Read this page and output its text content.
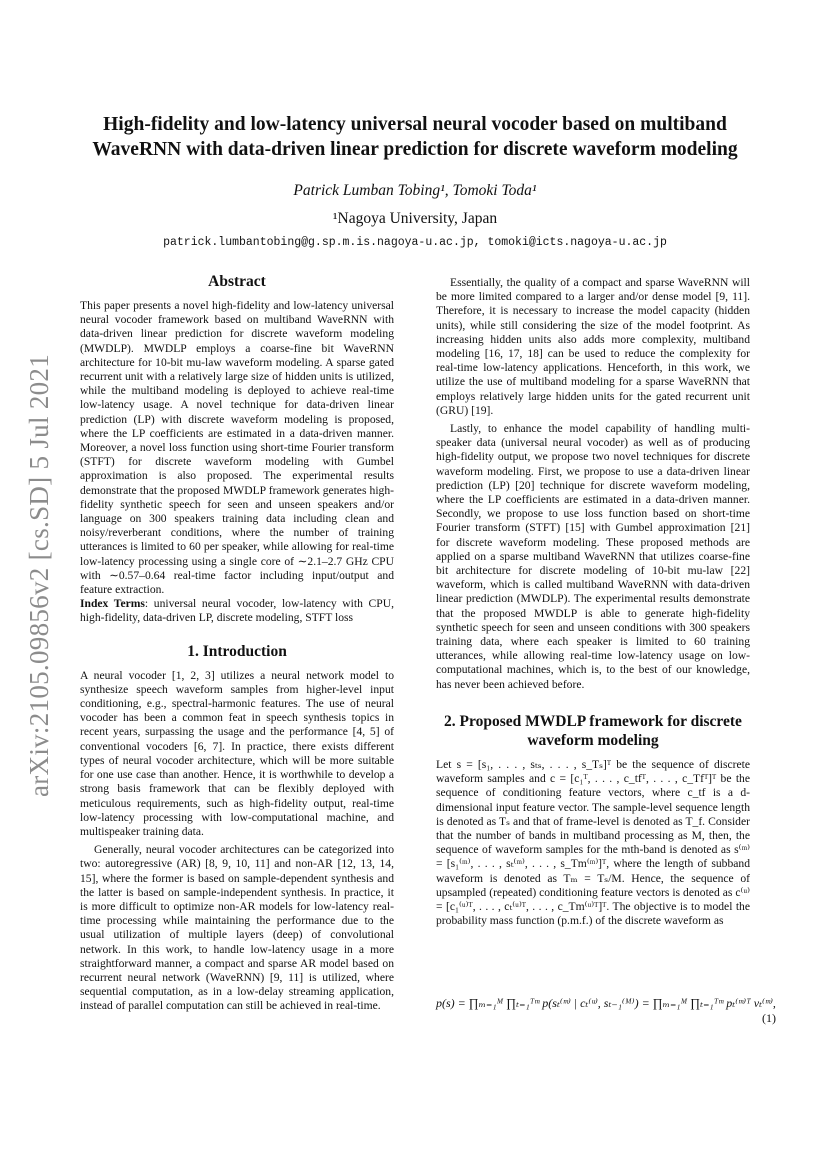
arXiv:2105.09856v2 [cs.SD] 5 Jul 2021
High-fidelity and low-latency universal neural vocoder based on multiband WaveRNN with data-driven linear prediction for discrete waveform modeling
Patrick Lumban Tobing¹, Tomoki Toda¹
¹Nagoya University, Japan
patrick.lumbantobing@g.sp.m.is.nagoya-u.ac.jp, tomoki@icts.nagoya-u.ac.jp
Abstract

This paper presents a novel high-fidelity and low-latency universal neural vocoder framework based on multiband WaveRNN with data-driven linear prediction for discrete waveform modeling (MWDLP). MWDLP employs a coarse-fine bit WaveRNN architecture for 10-bit mu-law waveform modeling. A sparse gated recurrent unit with a relatively large size of hidden units is utilized, while the multiband modeling is deployed to achieve real-time low-latency usage. A novel technique for data-driven linear prediction (LP) with discrete waveform modeling is proposed, where the LP coefficients are estimated in a data-driven manner. Moreover, a novel loss function using short-time Fourier transform (STFT) for discrete waveform modeling with Gumbel approximation is also proposed. The experimental results demonstrate that the proposed MWDLP framework generates high-fidelity synthetic speech for seen and unseen speakers and/or language on 300 speakers training data including clean and noisy/reverberant conditions, where the number of training utterances is limited to 60 per speaker, while allowing for real-time low-latency processing using a single core of ∼2.1–2.7 GHz CPU with ∼0.57–0.64 real-time factor including input/output and feature extraction.

Index Terms: universal neural vocoder, low-latency with CPU, high-fidelity, data-driven LP, discrete modeling, STFT loss

1. Introduction

A neural vocoder [1, 2, 3] utilizes a neural network model to synthesize speech waveform samples from higher-level input conditioning, e.g., spectral-harmonic features. The use of neural vocoder has been a common feat in speech synthesis topics in recent years, surpassing the usage and the performance [4, 5] of conventional vocoders [6, 7]. In practice, there exists different types of neural vocoder architecture, which will be more suitable for one use case than another. Hence, it is worthwhile to develop a strong basis framework that can be flexibly deployed with meticulous requirements, such as high-fidelity output, real-time low-latency processing with low-computational machine, and multispeaker training data.

Generally, neural vocoder architectures can be categorized into two: autoregressive (AR) [8, 9, 10, 11] and non-AR [12, 13, 14, 15], where the former is based on sample-dependent synthesis and the latter is based on sample-independent synthesis. In practice, it is more difficult to optimize non-AR models for low-latency real-time processing while maintaining the performance due to the usual utilization of multiple layers (deep) of convolutional network. In this work, to handle low-latency usage in a more straightforward manner, a compact and sparse AR model based on recurrent neural network (WaveRNN) [9, 11] is utilized, where sequential computation, as in a low-delay streaming application, instead of parallel computation can still be achieved in real-time.

Essentially, the quality of a compact and sparse WaveRNN will be more limited compared to a larger and/or dense model [9, 11]. Therefore, it is necessary to increase the model capacity (hidden units), while still considering the size of the model footprint. As increasing hidden units also adds more complexity, multiband modeling [16, 17, 18] can be used to reduce the complexity for real-time low-latency applications. Henceforth, in this work, we utilize the use of multiband modeling for a sparse WaveRNN that employs relatively large hidden units for the gated recurrent unit (GRU) [19].

Lastly, to enhance the model capability of handling multi-speaker data (universal neural vocoder) as well as of producing high-fidelity output, we propose two novel techniques for discrete waveform modeling. First, we propose to use a data-driven linear prediction (LP) [20] technique for discrete waveform modeling, where the LP coefficients are estimated in a data-driven manner. Secondly, we propose to use loss function based on short-time Fourier transform (STFT) [15] with Gumbel approximation [21] for discrete waveform modeling. These proposed methods are applied on a sparse multiband WaveRNN that utilizes coarse-fine bit architecture for discrete modeling of 10-bit mu-law [22] waveform, which is called multiband WaveRNN with data-driven linear prediction (MWDLP). The experimental results demonstrate that the proposed MWDLP is able to generate high-fidelity synthetic speech for seen and unseen conditions with 300 speakers training data, where each speaker is limited to 60 training utterances, while allowing real-time low-latency usage on low-computational machines, which is, to the best of our knowledge, has never been achieved before.

2. Proposed MWDLP framework for discrete waveform modeling

Let s = [s₁, . . . , sₜₛ, . . . , s_Tₛ]ᵀ be the sequence of discrete waveform samples and c = [c₁ᵀ, . . . , c_tfᵀ, . . . , c_Tfᵀ]ᵀ be the sequence of conditioning feature vectors, where c_tf is a d-dimensional input feature vector. The sample-level sequence length is denoted as Tₛ and that of frame-level is denoted as T_f. Consider that the number of bands in multiband processing as M, then, the sequence of waveform samples for the mth-band is denoted as s⁽ᵐ⁾ = [s₁⁽ᵐ⁾, . . . , sₜ⁽ᵐ⁾, . . . , s_Tm⁽ᵐ⁾]ᵀ, where the length of subband waveform is denoted as Tₘ = Tₛ/M. Hence, the sequence of upsampled (repeated) conditioning feature vectors is denoted as c⁽ᵘ⁾ = [c₁⁽ᵘ⁾ᵀ, . . . , cₜ⁽ᵘ⁾ᵀ, . . . , c_Tm⁽ᵘ⁾ᵀ]ᵀ. The objective is to model the probability mass function (p.m.f.) of the discrete waveform as

p(s) = ∏ₘ₌₁ᴹ ∏ₜ₌₁ᵀᵐ p(sₜ⁽ᵐ⁾ | cₜ⁽ᵘ⁾, sₜ₋₁⁽ᴹ⁾) = ∏ₘ₌₁ᴹ ∏ₜ₌₁ᵀᵐ pₜ⁽ᵐ⁾ᵀ vₜ⁽ᵐ⁾,
(1)
